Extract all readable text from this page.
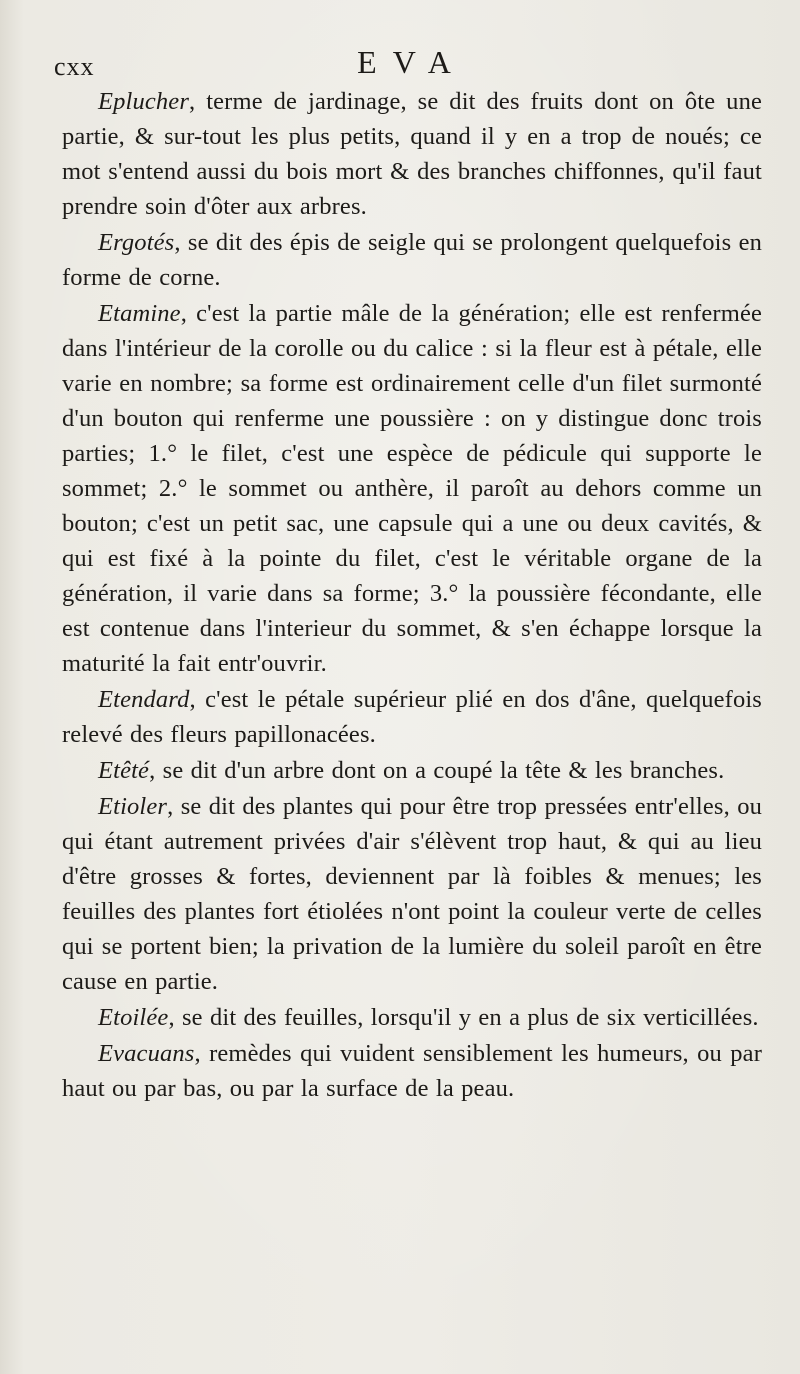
cxx	EVA

Eplucher, terme de jardinage, se dit des fruits dont on ôte une partie, & sur-tout les plus petits, quand il y en a trop de noués; ce mot s'entend aussi du bois mort & des branches chiffonnes, qu'il faut prendre soin d'ôter aux arbres.

Ergotés, se dit des épis de seigle qui se prolongent quelquefois en forme de corne.

Etamine, c'est la partie mâle de la génération; elle est renfermée dans l'intérieur de la corolle ou du calice : si la fleur est à pétale, elle varie en nombre; sa forme est ordinairement celle d'un filet surmonté d'un bouton qui renferme une poussière : on y distingue donc trois parties; 1.° le filet, c'est une espèce de pédicule qui supporte le sommet; 2.° le sommet ou anthère, il paroît au dehors comme un bouton; c'est un petit sac, une capsule qui a une ou deux cavités, & qui est fixé à la pointe du filet, c'est le véritable organe de la génération, il varie dans sa forme; 3.° la poussière fécondante, elle est contenue dans l'interieur du sommet, & s'en échappe lorsque la maturité la fait entr'ouvrir.

Etendard, c'est le pétale supérieur plié en dos d'âne, quelquefois relevé des fleurs papillonacées.

Etêté, se dit d'un arbre dont on a coupé la tête & les branches.

Etioler, se dit des plantes qui pour être trop pressées entr'elles, ou qui étant autrement privées d'air s'élèvent trop haut, & qui au lieu d'être grosses & fortes, deviennent par là foibles & menues; les feuilles des plantes fort étiolées n'ont point la couleur verte de celles qui se portent bien; la privation de la lumière du soleil paroît en être cause en partie.

Etoilée, se dit des feuilles, lorsqu'il y en a plus de six verticillées.

Evacuans, remèdes qui vuident sensiblement les humeurs, ou par haut ou par bas, ou par la surface de la peau.
